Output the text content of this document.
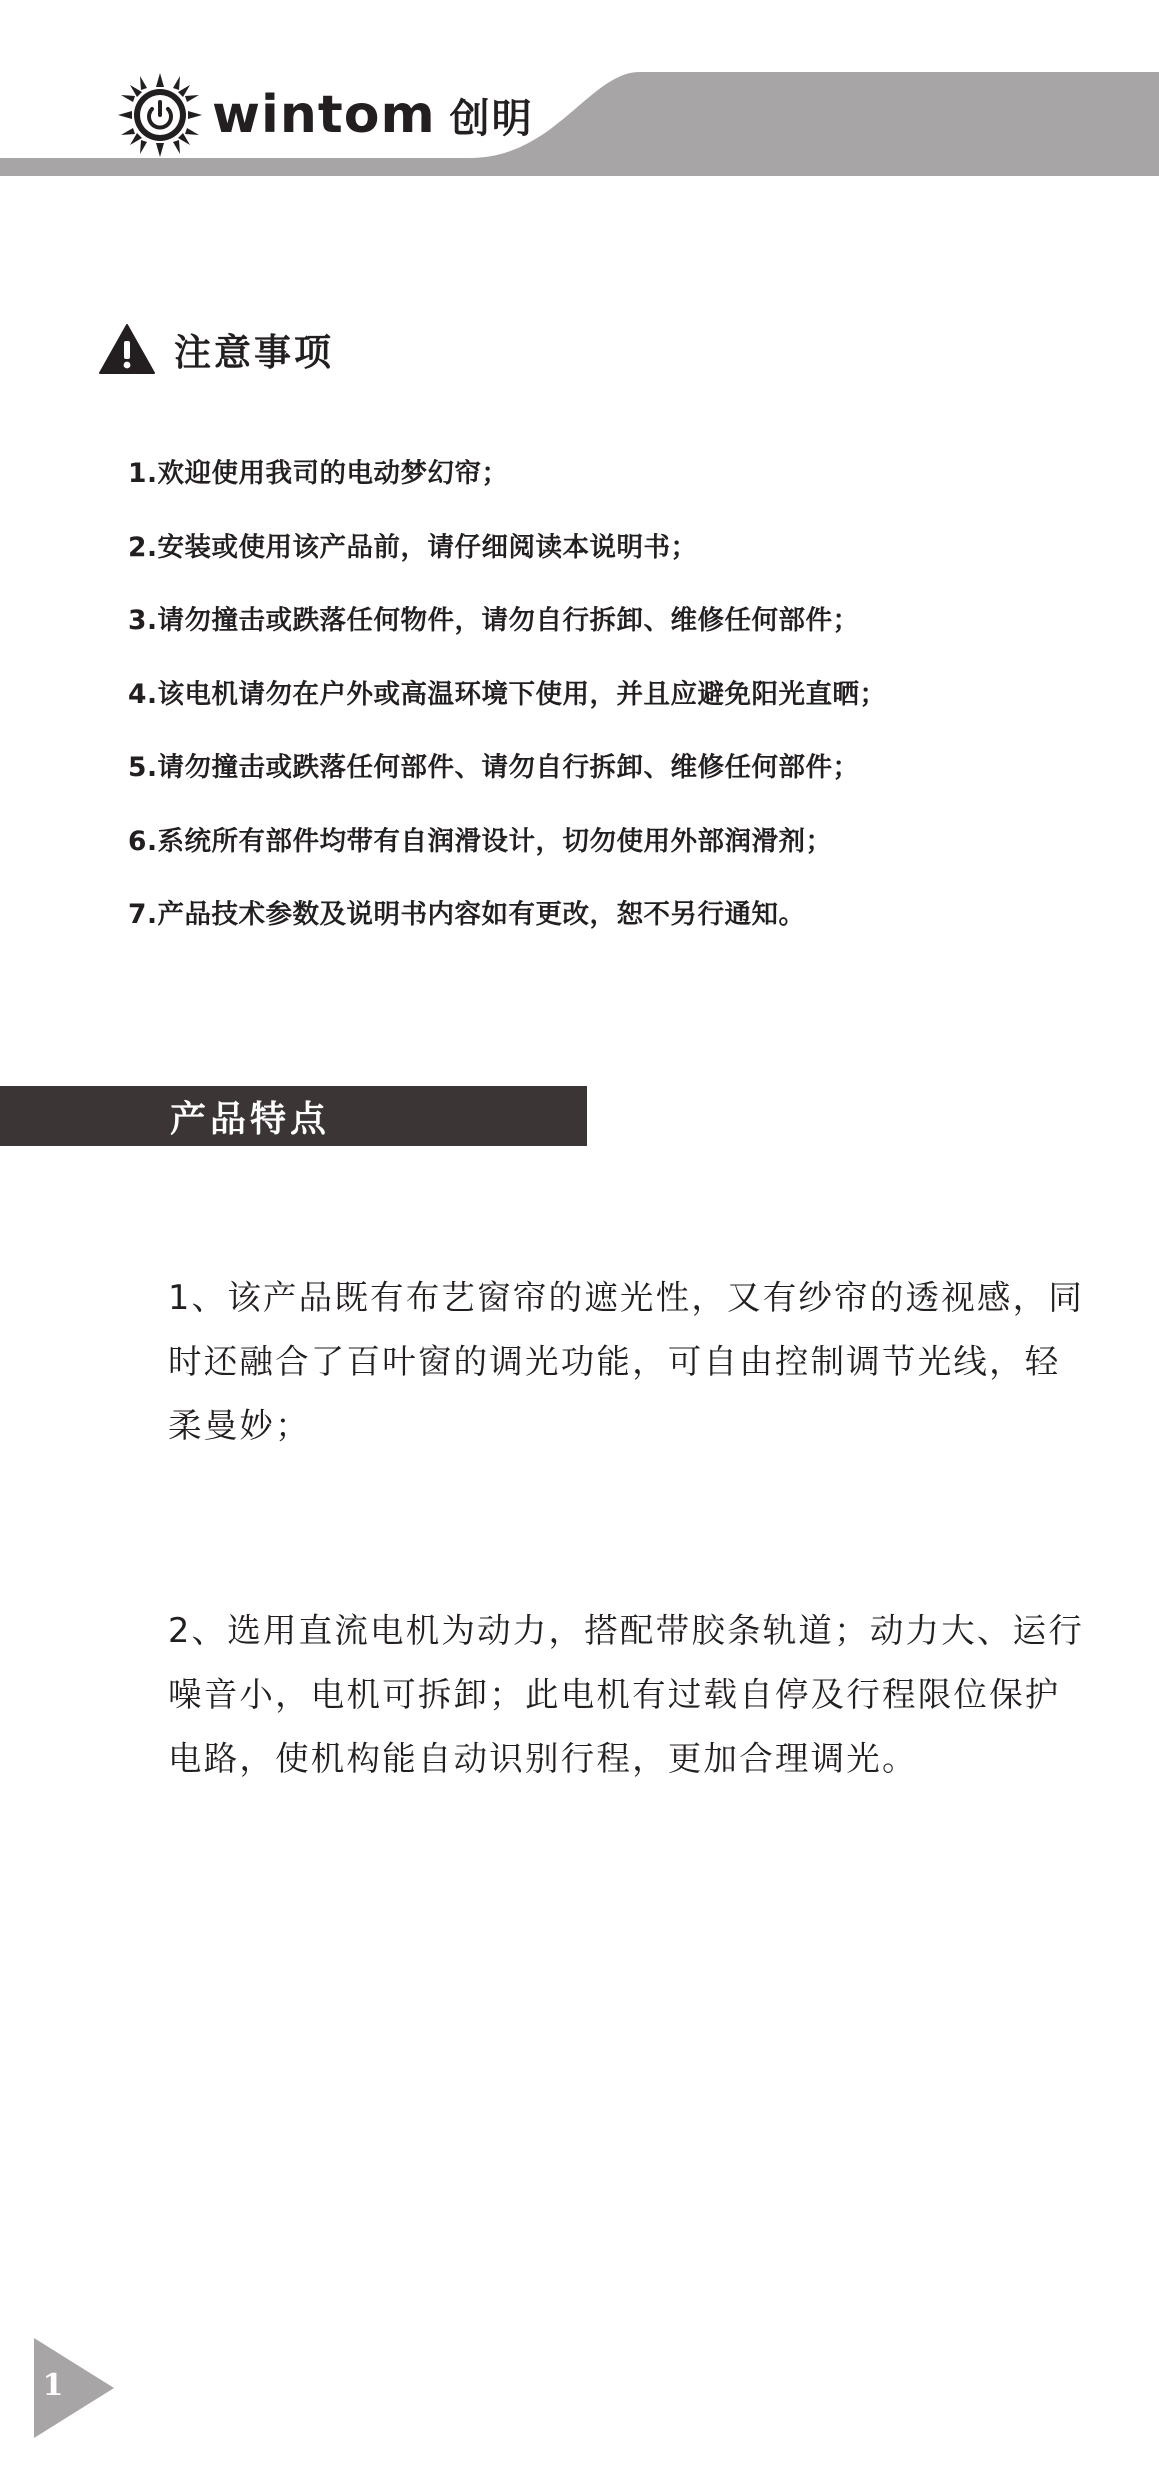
wintom 创明
注意事项
1.欢迎使用我司的电动梦幻帘；
2.安装或使用该产品前，请仔细阅读本说明书；
3.请勿撞击或跌落任何物件，请勿自行拆卸、维修任何部件；
4.该电机请勿在户外或高温环境下使用，并且应避免阳光直晒；
5.请勿撞击或跌落任何部件、请勿自行拆卸、维修任何部件；
6.系统所有部件均带有自润滑设计，切勿使用外部润滑剂；
7.产品技术参数及说明书内容如有更改，恕不另行通知。
产品特点

1、该产品既有布艺窗帘的遮光性，又有纱帘的透视感，同时还融合了百叶窗的调光功能，可自由控制调节光线，轻柔曼妙；

2、选用直流电机为动力，搭配带胶条轨道；动力大、运行噪音小，电机可拆卸；此电机有过载自停及行程限位保护电路，使机构能自动识别行程，更加合理调光。

1
